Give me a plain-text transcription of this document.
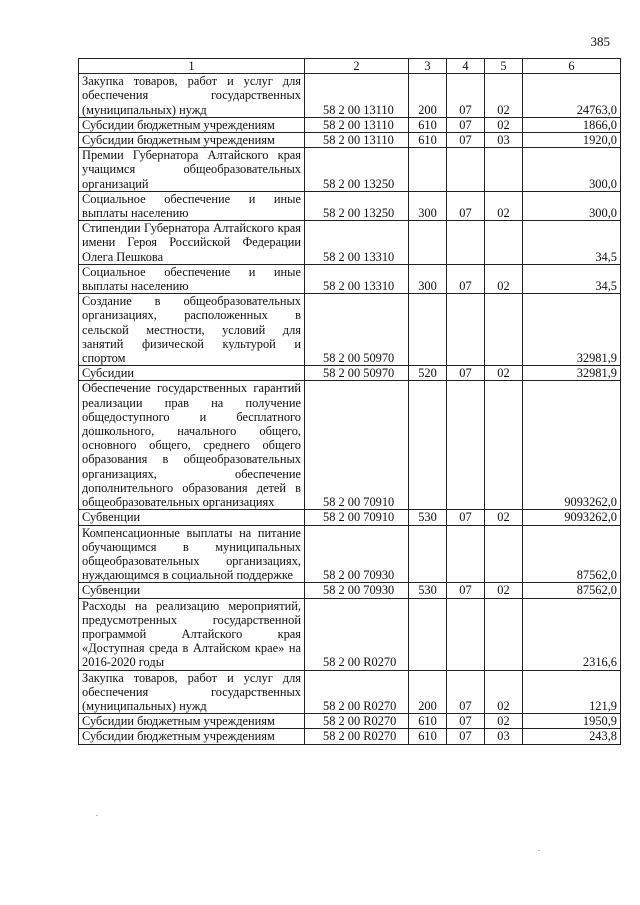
385
1	2	3	4	5	6
Закупка товаров, работ и услуг для обеспечения государственных (муниципальных) нужд	58 2 00 13110	200	07	02	24763,0
Субсидии бюджетным учреждениям	58 2 00 13110	610	07	02	1866,0
Субсидии бюджетным учреждениям	58 2 00 13110	610	07	03	1920,0
Премии Губернатора Алтайского края учащимся общеобразовательных организаций	58 2 00 13250				300,0
Социальное обеспечение и иные выплаты населению	58 2 00 13250	300	07	02	300,0
Стипендии Губернатора Алтайского края имени Героя Российской Федерации Олега Пешкова	58 2 00 13310				34,5
Социальное обеспечение и иные выплаты населению	58 2 00 13310	300	07	02	34,5
Создание в общеобразовательных организациях, расположенных в сельской местности, условий для занятий физической культурой и спортом	58 2 00 50970				32981,9
Субсидии	58 2 00 50970	520	07	02	32981,9
Обеспечение государственных гарантий реализации прав на получение общедоступного и бесплатного дошкольного, начального общего, основного общего, среднего общего образования в общеобразовательных организациях, обеспечение дополнительного образования детей в общеобразовательных организациях	58 2 00 70910				9093262,0
Субвенции	58 2 00 70910	530	07	02	9093262,0
Компенсационные выплаты на питание обучающимся в муниципальных общеобразовательных организациях, нуждающимся в социальной поддержке	58 2 00 70930				87562,0
Субвенции	58 2 00 70930	530	07	02	87562,0
Расходы на реализацию мероприятий, предусмотренных государственной программой Алтайского края «Доступная среда в Алтайском крае» на 2016-2020 годы	58 2 00 R0270				2316,6
Закупка товаров, работ и услуг для обеспечения государственных (муниципальных) нужд	58 2 00 R0270	200	07	02	121,9
Субсидии бюджетным учреждениям	58 2 00 R0270	610	07	02	1950,9
Субсидии бюджетным учреждениям	58 2 00 R0270	610	07	03	243,8
